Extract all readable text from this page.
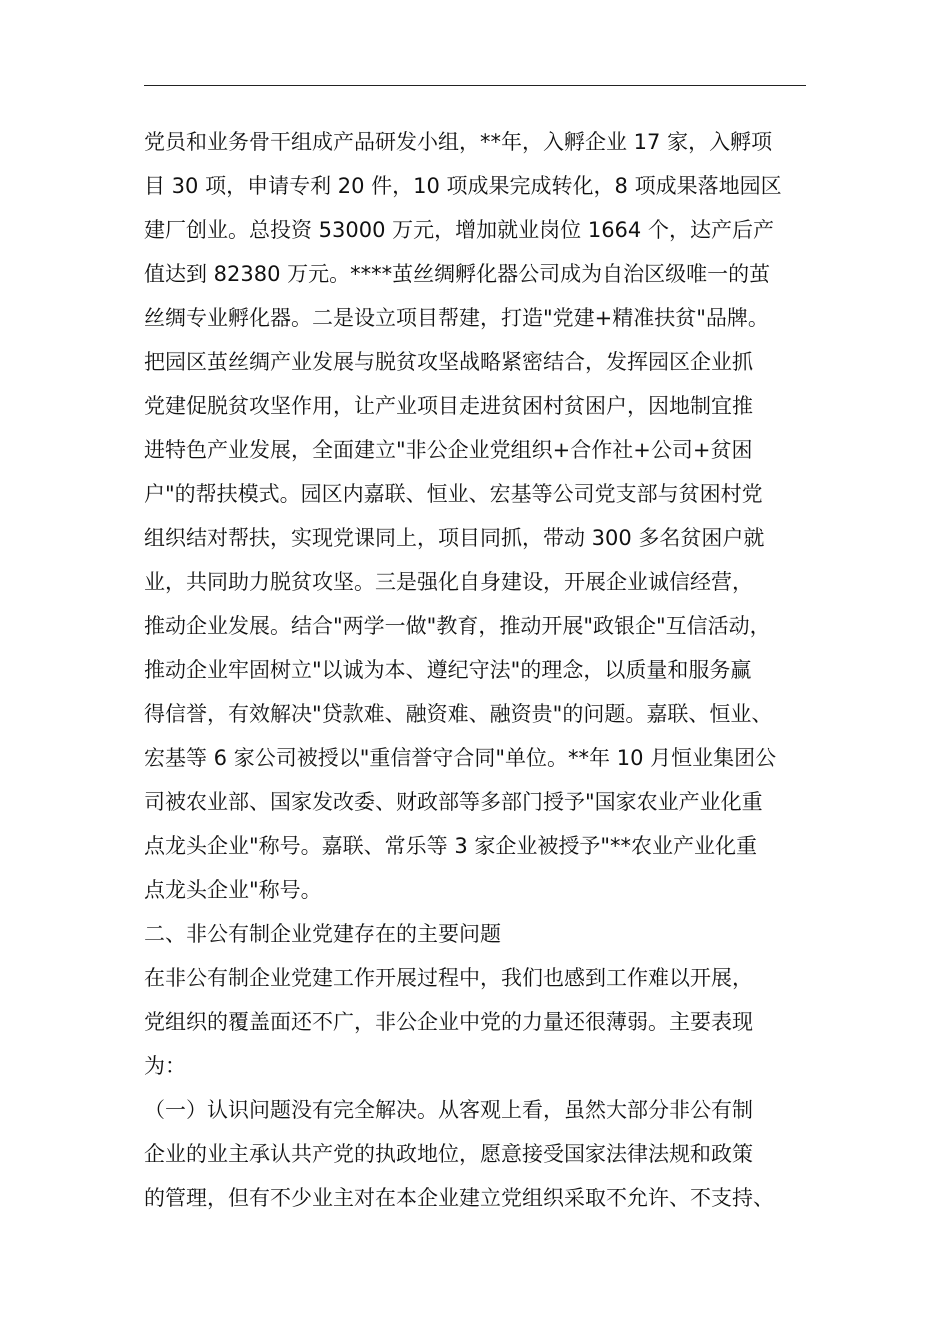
党员和业务骨干组成产品研发小组，**年，入孵企业 17 家，入孵项
目 30 项，申请专利 20 件，10 项成果完成转化，8 项成果落地园区
建厂创业。总投资 53000 万元，增加就业岗位 1664 个，达产后产
值达到 82380 万元。****茧丝绸孵化器公司成为自治区级唯一的茧
丝绸专业孵化器。二是设立项目帮建，打造"党建+精准扶贫"品牌。
把园区茧丝绸产业发展与脱贫攻坚战略紧密结合，发挥园区企业抓
党建促脱贫攻坚作用，让产业项目走进贫困村贫困户，因地制宜推
进特色产业发展，全面建立"非公企业党组织+合作社+公司+贫困
户"的帮扶模式。园区内嘉联、恒业、宏基等公司党支部与贫困村党
组织结对帮扶，实现党课同上，项目同抓，带动 300 多名贫困户就
业，共同助力脱贫攻坚。三是强化自身建设，开展企业诚信经营，
推动企业发展。结合"两学一做"教育，推动开展"政银企"互信活动，
推动企业牢固树立"以诚为本、遵纪守法"的理念，以质量和服务赢
得信誉，有效解决"贷款难、融资难、融资贵"的问题。嘉联、恒业、
宏基等 6 家公司被授以"重信誉守合同"单位。**年 10 月恒业集团公
司被农业部、国家发改委、财政部等多部门授予"国家农业产业化重
点龙头企业"称号。嘉联、常乐等 3 家企业被授予"**农业产业化重
点龙头企业"称号。
二、非公有制企业党建存在的主要问题
在非公有制企业党建工作开展过程中，我们也感到工作难以开展，
党组织的覆盖面还不广，非公企业中党的力量还很薄弱。主要表现
为：
（一）认识问题没有完全解决。从客观上看，虽然大部分非公有制
企业的业主承认共产党的执政地位，愿意接受国家法律法规和政策
的管理，但有不少业主对在本企业建立党组织采取不允许、不支持、
